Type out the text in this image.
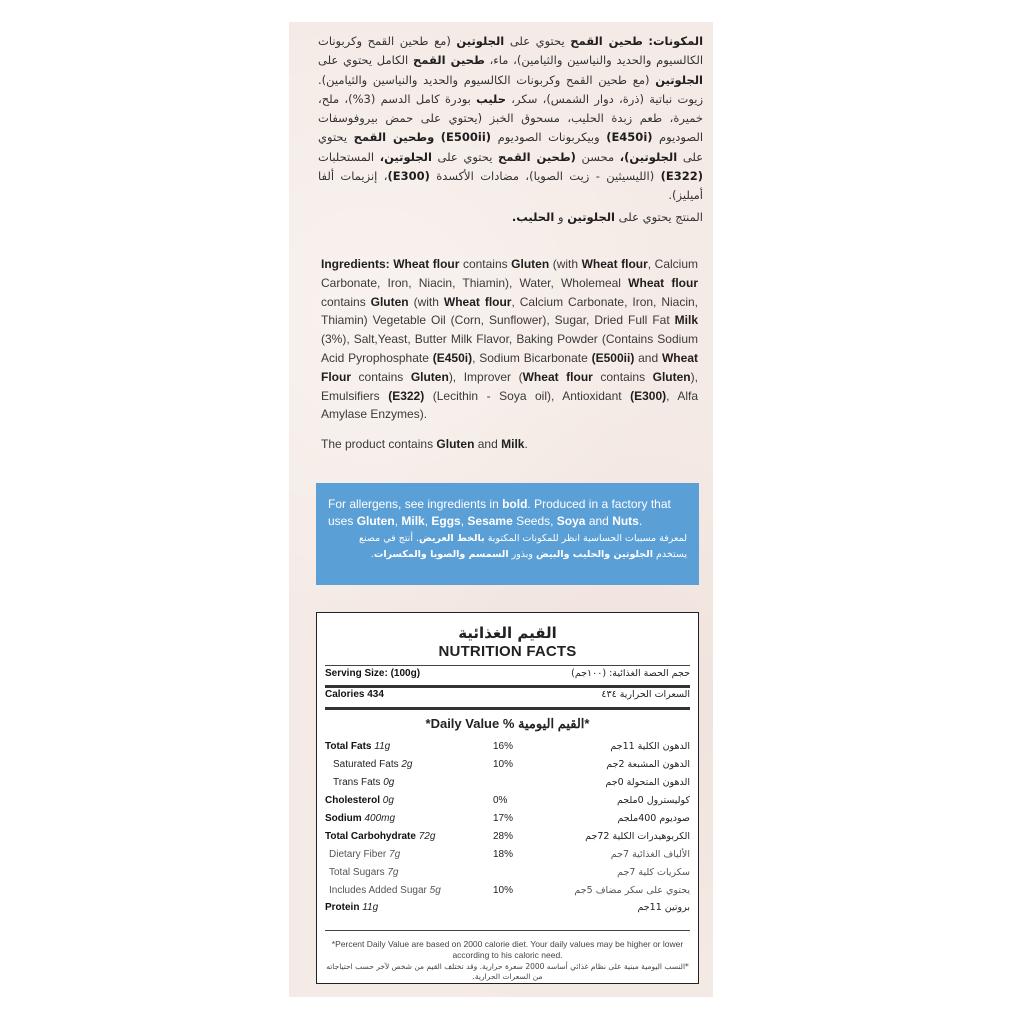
المكونات: طحين القمح يحتوي على الجلوتين (مع طحين القمح وكربونات الكالسيوم والحديد والنياسين والثيامين)، ماء، طحين القمح الكامل يحتوي على الجلوتين (مع طحين القمح وكربونات الكالسيوم والحديد والنياسين والثيامين). زيوت نباتية (ذرة، دوار الشمس)، سكر، حليب بودرة كامل الدسم (3%)، ملح، خميرة، طعم زبدة الحليب، مسحوق الخبز (يحتوي على حمض بيروفوسفات الصوديوم (E450i) وبيكربونات الصوديوم (E500ii) وطحين القمح يحتوي على الجلوتين)، محسن (طحين القمح يحتوي على الجلوتين، المستحلبات (E322) (الليسيثين - زيت الصويا)، مضادات الأكسدة (E300)، إنزيمات ألفا أميليز).

المنتج يحتوي على الجلوتين و الحليب.

Ingredients: Wheat flour contains Gluten (with Wheat flour, Calcium Carbonate, Iron, Niacin, Thiamin), Water, Wholemeal Wheat flour contains Gluten (with Wheat flour, Calcium Carbonate, Iron, Niacin, Thiamin) Vegetable Oil (Corn, Sunflower), Sugar, Dried Full Fat Milk (3%), Salt,Yeast, Butter Milk Flavor, Baking Powder (Contains Sodium Acid Pyrophosphate (E450i), Sodium Bicarbonate (E500ii) and Wheat Flour contains Gluten), Improver (Wheat flour contains Gluten), Emulsifiers (E322) (Lecithin - Soya oil), Antioxidant (E300), Alfa Amylase Enzymes).

The product contains Gluten and Milk.

For allergens, see ingredients in bold. Produced in a factory that uses Gluten, Milk, Eggs, Sesame Seeds, Soya and Nuts.
لمعرفة مسببات الحساسية انظر للمكونات المكتوبة بالخط العريض. أنتج في مصنع يستخدم الجلوتين والحليب والبيض وبذور السمسم والصويا والمكسرات.
القيم الغذائية
NUTRITION FACTS
Serving Size: (100g)	حجم الحصة الغذائية: (١٠٠جم)
Calories 434	السعرات الحرارية ٤٣٤
*Daily Value % القيم اليومية*
Total Fats 11g	16%	الدهون الكلية 11جم
Saturated Fats 2g	10%	الدهون المشبعة 2جم
Trans Fats 0g	الدهون المتحولة 0جم
Cholesterol 0g	0%	كوليسترول 0ملجم
Sodium 400mg	17%	صوديوم 400ملجم
Total Carbohydrate 72g	28%	الكربوهيدرات الكلية 72جم
Dietary Fiber 7g	18%	الألياف الغذائية 7جم
Total Sugars 7g	سكريات كلية 7جم
Includes Added Sugar 5g	10%	يحتوي على سكر مضاف 5جم
Protein 11g	بروتين 11جم
*Percent Daily Value are based on 2000 calorie diet. Your daily values may be higher or lower according to his caloric need.
*النسب اليومية مبنية على نظام غذائي أساسه 2000 سعرة حرارية. وقد تختلف القيم من شخص لآخر حسب احتياجاته من السعرات الحرارية.
